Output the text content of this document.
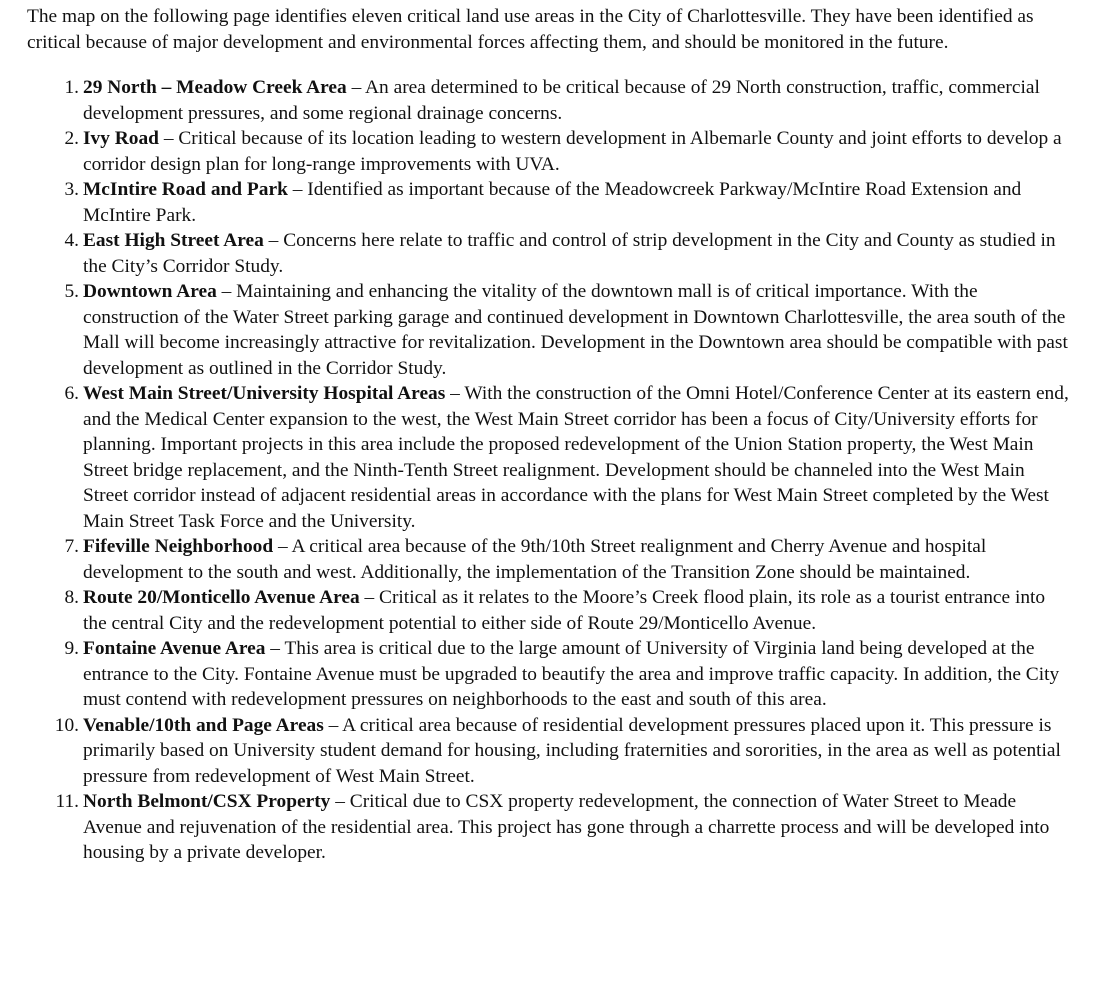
The map on the following page identifies eleven critical land use areas in the City of Charlottesville. They have been identified as critical because of major development and environmental forces affecting them, and should be monitored in the future.

1. 29 North – Meadow Creek Area – An area determined to be critical because of 29 North construction, traffic, commercial development pressures, and some regional drainage concerns.
2. Ivy Road – Critical because of its location leading to western development in Albemarle County and joint efforts to develop a corridor design plan for long-range improvements with UVA.
3. McIntire Road and Park – Identified as important because of the Meadowcreek Parkway/McIntire Road Extension and McIntire Park.
4. East High Street Area – Concerns here relate to traffic and control of strip development in the City and County as studied in the City’s Corridor Study.
5. Downtown Area – Maintaining and enhancing the vitality of the downtown mall is of critical importance. With the construction of the Water Street parking garage and continued development in Downtown Charlottesville, the area south of the Mall will become increasingly attractive for revitalization. Development in the Downtown area should be compatible with past development as outlined in the Corridor Study.
6. West Main Street/University Hospital Areas – With the construction of the Omni Hotel/Conference Center at its eastern end, and the Medical Center expansion to the west, the West Main Street corridor has been a focus of City/University efforts for planning. Important projects in this area include the proposed redevelopment of the Union Station property, the West Main Street bridge replacement, and the Ninth-Tenth Street realignment. Development should be channeled into the West Main Street corridor instead of adjacent residential areas in accordance with the plans for West Main Street completed by the West Main Street Task Force and the University.
7. Fifeville Neighborhood – A critical area because of the 9th/10th Street realignment and Cherry Avenue and hospital development to the south and west. Additionally, the implementation of the Transition Zone should be maintained.
8. Route 20/Monticello Avenue Area – Critical as it relates to the Moore’s Creek flood plain, its role as a tourist entrance into the central City and the redevelopment potential to either side of Route 29/Monticello Avenue.
9. Fontaine Avenue Area – This area is critical due to the large amount of University of Virginia land being developed at the entrance to the City. Fontaine Avenue must be upgraded to beautify the area and improve traffic capacity. In addition, the City must contend with redevelopment pressures on neighborhoods to the east and south of this area.
10. Venable/10th and Page Areas – A critical area because of residential development pressures placed upon it. This pressure is primarily based on University student demand for housing, including fraternities and sororities, in the area as well as potential pressure from redevelopment of West Main Street.
11. North Belmont/CSX Property – Critical due to CSX property redevelopment, the connection of Water Street to Meade Avenue and rejuvenation of the residential area. This project has gone through a charrette process and will be developed into housing by a private developer.
